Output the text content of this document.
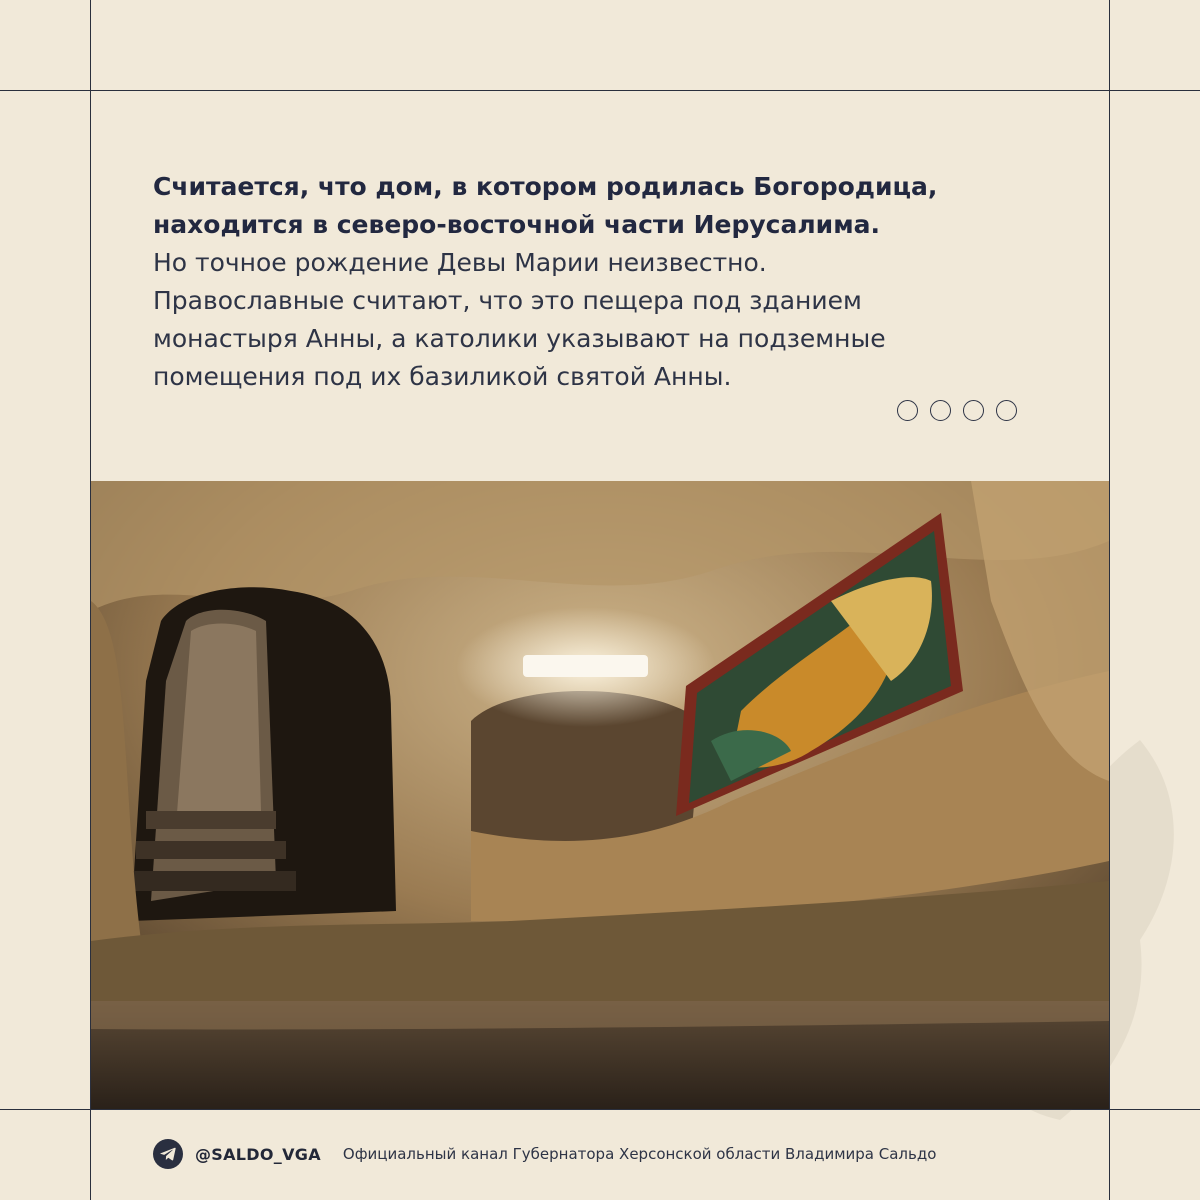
Считается, что дом, в котором родилась Богородица,
находится в северо-восточной части Иерусалима.
Но точное рождение Девы Марии неизвестно.
Православные считают, что это пещера под зданием
монастыря Анны, а католики указывают на подземные
помещения под их базиликой святой Анны.
@SALDO_VGA Официальный канал Губернатора Херсонской области Владимира Сальдо
